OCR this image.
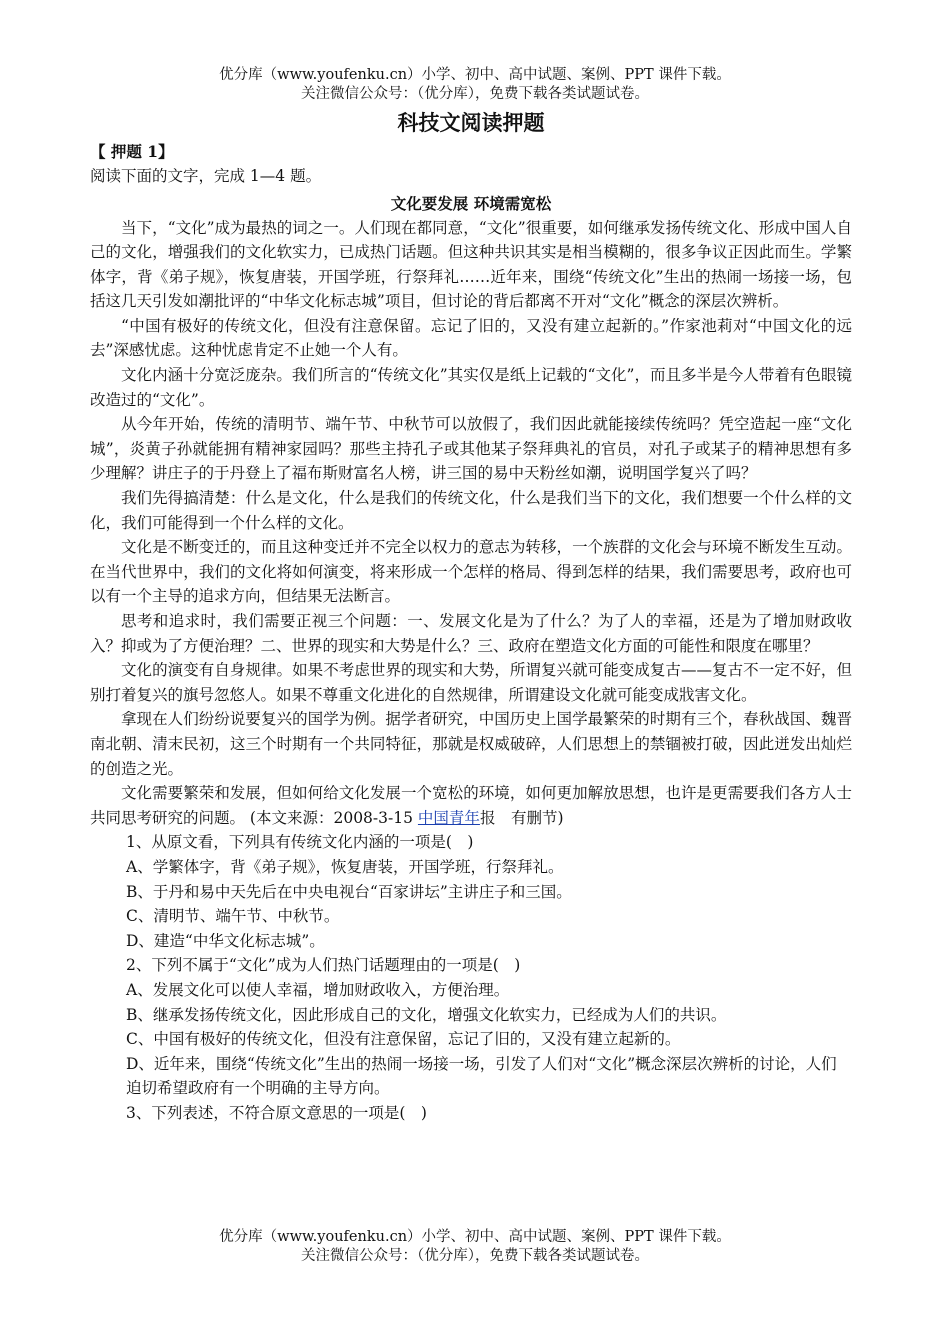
优分库（www.youfenku.cn）小学、初中、高中试题、案例、PPT 课件下载。
关注微信公众号：（优分库），免费下载各类试题试卷。
科技文阅读押题
【 押题 1】
阅读下面的文字，完成 1—4 题。
文化要发展 环境需宽松

当下，“文化”成为最热的词之一。人们现在都同意，“文化”很重要，如何继承发扬传统文化、形成中国人自己的文化，增强我们的文化软实力，已成热门话题。但这种共识其实是相当模糊的，很多争议正因此而生。学繁体字，背《弟子规》，恢复唐装，开国学班，行祭拜礼……近年来，围绕“传统文化”生出的热闹一场接一场，包括这几天引发如潮批评的“中华文化标志城”项目，但讨论的背后都离不开对“文化”概念的深层次辨析。

“中国有极好的传统文化，但没有注意保留。忘记了旧的，又没有建立起新的。”作家池莉对“中国文化的远去”深感忧虑。这种忧虑肯定不止她一个人有。

文化内涵十分宽泛庞杂。我们所言的“传统文化”其实仅是纸上记载的“文化”，而且多半是今人带着有色眼镜改造过的“文化”。

从今年开始，传统的清明节、端午节、中秋节可以放假了，我们因此就能接续传统吗？凭空造起一座“文化城”，炎黄子孙就能拥有精神家园吗？那些主持孔子或其他某子祭拜典礼的官员，对孔子或某子的精神思想有多少理解？讲庄子的于丹登上了福布斯财富名人榜，讲三国的易中天粉丝如潮，说明国学复兴了吗？

我们先得搞清楚：什么是文化，什么是我们的传统文化，什么是我们当下的文化，我们想要一个什么样的文化，我们可能得到一个什么样的文化。

文化是不断变迁的，而且这种变迁并不完全以权力的意志为转移，一个族群的文化会与环境不断发生互动。在当代世界中，我们的文化将如何演变，将来形成一个怎样的格局、得到怎样的结果，我们需要思考，政府也可以有一个主导的追求方向，但结果无法断言。

思考和追求时，我们需要正视三个问题：一、发展文化是为了什么？为了人的幸福，还是为了增加财政收入？抑或为了方便治理？二、世界的现实和大势是什么？三、政府在塑造文化方面的可能性和限度在哪里？

文化的演变有自身规律。如果不考虑世界的现实和大势，所谓复兴就可能变成复古——复古不一定不好，但别打着复兴的旗号忽悠人。如果不尊重文化进化的自然规律，所谓建设文化就可能变成戕害文化。

拿现在人们纷纷说要复兴的国学为例。据学者研究，中国历史上国学最繁荣的时期有三个，春秋战国、魏晋南北朝、清末民初，这三个时期有一个共同特征，那就是权威破碎，人们思想上的禁锢被打破，因此迸发出灿烂的创造之光。

文化需要繁荣和发展，但如何给文化发展一个宽松的环境，如何更加解放思想，也许是更需要我们各方人士共同思考研究的问题。 (本文来源：2008-3-15 中国青年报　有删节)

1、从原文看，下列具有传统文化内涵的一项是(　)
A、学繁体字，背《弟子规》，恢复唐装，开国学班，行祭拜礼。
B、于丹和易中天先后在中央电视台“百家讲坛”主讲庄子和三国。
C、清明节、端午节、中秋节。
D、建造“中华文化标志城”。
2、下列不属于“文化”成为人们热门话题理由的一项是(　)
A、发展文化可以使人幸福，增加财政收入，方便治理。
B、继承发扬传统文化，因此形成自己的文化，增强文化软实力，已经成为人们的共识。
C、中国有极好的传统文化，但没有注意保留，忘记了旧的，又没有建立起新的。
D、近年来，围绕“传统文化”生出的热闹一场接一场，引发了人们对“文化”概念深层次辨析的讨论，人们迫切希望政府有一个明确的主导方向。
3、下列表述，不符合原文意思的一项是(　)
优分库（www.youfenku.cn）小学、初中、高中试题、案例、PPT 课件下载。
关注微信公众号：（优分库），免费下载各类试题试卷。
